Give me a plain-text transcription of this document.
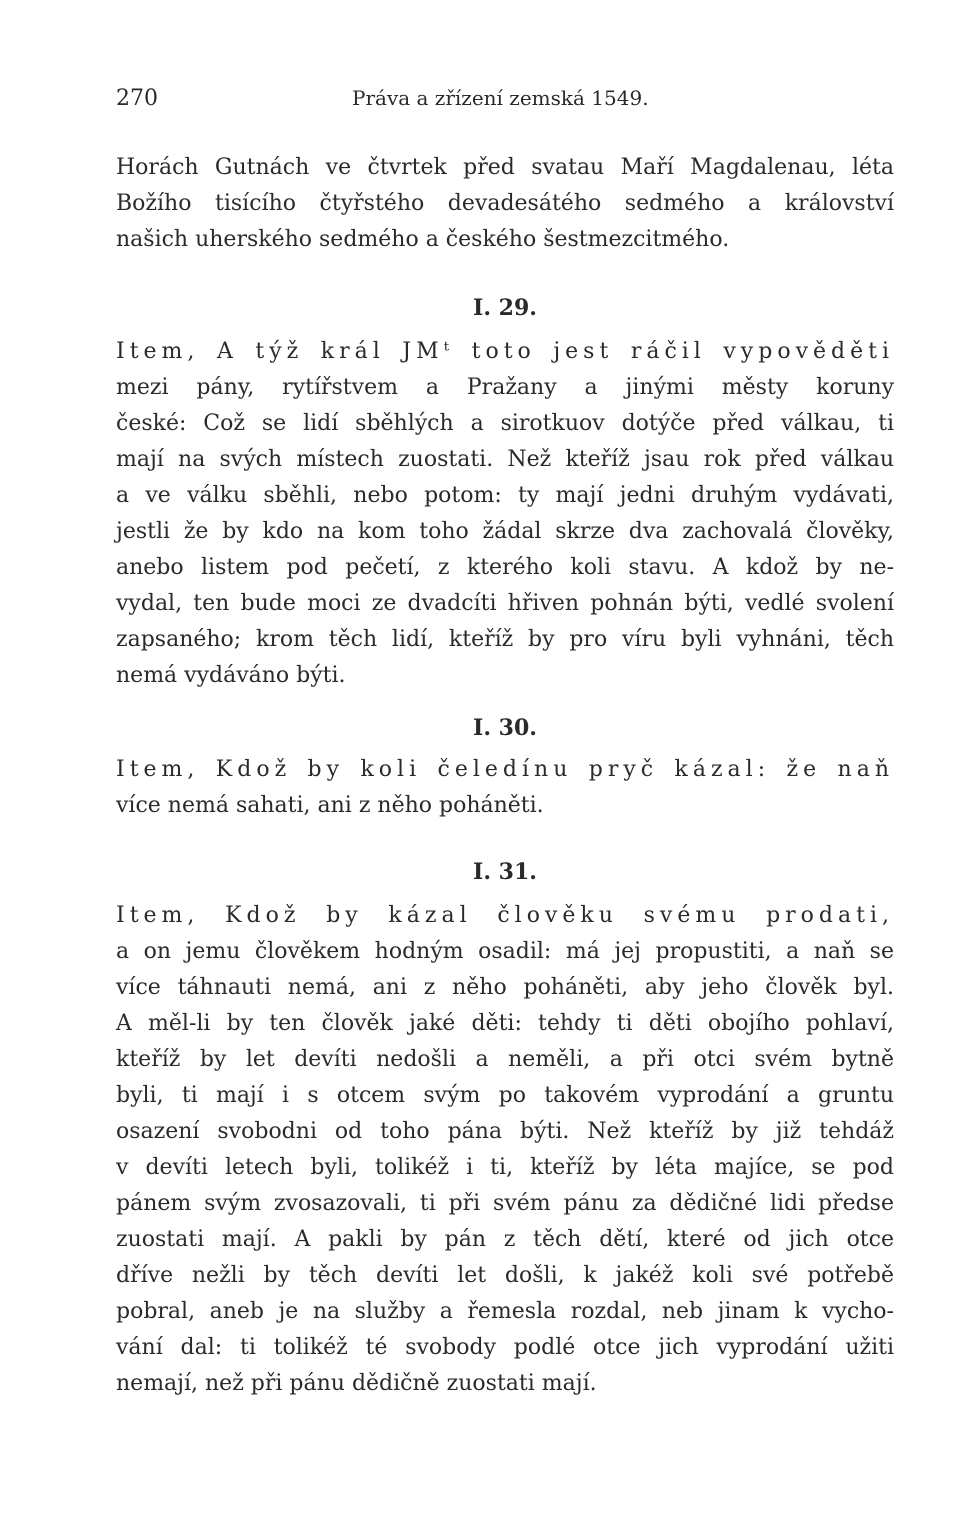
270	Práva a zřízení zemská 1549.
Horách Gutnách ve čtvrtek před svatau Maří Magdalenau, léta
Božího tisícího čtyřstého devadesátého sedmého a království
našich uherského sedmého a českého šestmezcitmého.
I. 29.
Item, A týž král JMᵗ toto jest ráčil vypověděti
mezi pány, rytířstvem a Pražany a jinými městy koruny
české: Což se lidí sběhlých a sirotkuov dotýče před válkau, ti
mají na svých místech zuostati. Než kteříž jsau rok před válkau
a ve válku sběhli, nebo potom: ty mají jedni druhým vydávati,
jestli že by kdo na kom toho žádal skrze dva zachovalá člověky,
anebo listem pod pečetí, z kterého koli stavu. A kdož by ne-
vydal, ten bude moci ze dvadcíti hřiven pohnán býti, vedlé svolení
zapsaného; krom těch lidí, kteříž by pro víru byli vyhnáni, těch
nemá vydáváno býti.
I. 30.
Item, Kdož by koli čeledínu pryč kázal: že naň
více nemá sahati, ani z něho poháněti.
I. 31.
Item, Kdož by kázal člověku svému prodati,
a on jemu člověkem hodným osadil: má jej propustiti, a naň se
více táhnauti nemá, ani z něho poháněti, aby jeho člověk byl.
A měl-li by ten člověk jaké děti: tehdy ti děti obojího pohlaví,
kteříž by let devíti nedošli a neměli, a při otci svém bytně
byli, ti mají i s otcem svým po takovém vyprodání a gruntu
osazení svobodni od toho pána býti. Než kteříž by již tehdáž
v devíti letech byli, tolikéž i ti, kteříž by léta majíce, se pod
pánem svým zvosazovali, ti při svém pánu za dědičné lidi předse
zuostati mají. A pakli by pán z těch dětí, které od jich otce
dříve nežli by těch devíti let došli, k jakéž koli své potřebě
pobral, aneb je na služby a řemesla rozdal, neb jinam k vycho-
vání dal: ti tolikéž té svobody podlé otce jich vyprodání užiti
nemají, než při pánu dědičně zuostati mají.
